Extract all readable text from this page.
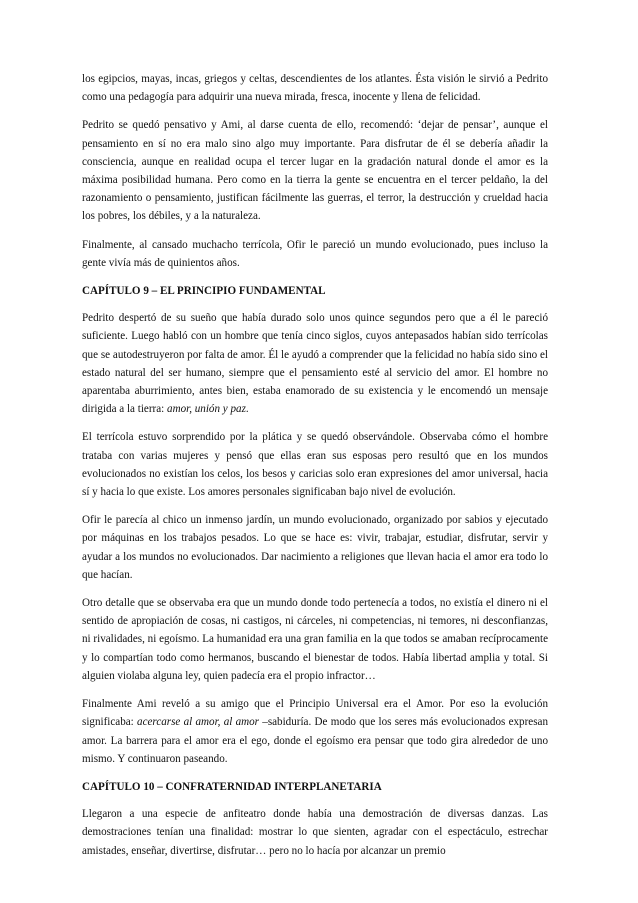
los egipcios, mayas, incas, griegos y celtas, descendientes de los atlantes. Ésta visión le sirvió a Pedrito como una pedagogía para adquirir una nueva mirada, fresca, inocente y llena de felicidad.

Pedrito se quedó pensativo y Ami, al darse cuenta de ello, recomendó: ‘dejar de pensar’, aunque el pensamiento en sí no era malo sino algo muy importante. Para disfrutar de él se debería añadir la consciencia, aunque en realidad ocupa el tercer lugar en la gradación natural donde el amor es la máxima posibilidad humana. Pero como en la tierra la gente se encuentra en el tercer peldaño, la del razonamiento o pensamiento, justifican fácilmente las guerras, el terror, la destrucción y crueldad hacia los pobres, los débiles, y a la naturaleza.

Finalmente, al cansado muchacho terrícola, Ofir le pareció un mundo evolucionado, pues incluso la gente vivía más de quinientos años.

CAPÍTULO 9 – EL PRINCIPIO FUNDAMENTAL

Pedrito despertó de su sueño que había durado solo unos quince segundos pero que a él le pareció suficiente. Luego habló con un hombre que tenía cinco siglos, cuyos antepasados habían sido terrícolas que se autodestruyeron por falta de amor. Él le ayudó a comprender que la felicidad no había sido sino el estado natural del ser humano, siempre que el pensamiento esté al servicio del amor. El hombre no aparentaba aburrimiento, antes bien, estaba enamorado de su existencia y le encomendó un mensaje dirigida a la tierra: amor, unión y paz.

El terrícola estuvo sorprendido por la plática y se quedó observándole. Observaba cómo el hombre trataba con varias mujeres y pensó que ellas eran sus esposas pero resultó que en los mundos evolucionados no existían los celos, los besos y caricias solo eran expresiones del amor universal, hacia sí y hacia lo que existe. Los amores personales significaban bajo nivel de evolución.

Ofir le parecía al chico un inmenso jardín, un mundo evolucionado, organizado por sabios y ejecutado por máquinas en los trabajos pesados. Lo que se hace es: vivir, trabajar, estudiar, disfrutar, servir y ayudar a los mundos no evolucionados. Dar nacimiento a religiones que llevan hacia el amor era todo lo que hacían.

Otro detalle que se observaba era que un mundo donde todo pertenecía a todos, no existía el dinero ni el sentido de apropiación de cosas, ni castigos, ni cárceles, ni competencias, ni temores, ni desconfianzas, ni rivalidades, ni egoísmo. La humanidad era una gran familia en la que todos se amaban recíprocamente y lo compartían todo como hermanos, buscando el bienestar de todos. Había libertad amplia y total. Si alguien violaba alguna ley, quien padecía era el propio infractor…

Finalmente Ami reveló a su amigo que el Principio Universal era el Amor. Por eso la evolución significaba: acercarse al amor, al amor –sabiduría. De modo que los seres más evolucionados expresan amor. La barrera para el amor era el ego, donde el egoísmo era pensar que todo gira alrededor de uno mismo. Y continuaron paseando.

CAPÍTULO 10 – CONFRATERNIDAD INTERPLANETARIA

Llegaron a una especie de anfiteatro donde había una demostración de diversas danzas. Las demostraciones tenían una finalidad: mostrar lo que sienten, agradar con el espectáculo, estrechar amistades, enseñar, divertirse, disfrutar… pero no lo hacía por alcanzar un premio
